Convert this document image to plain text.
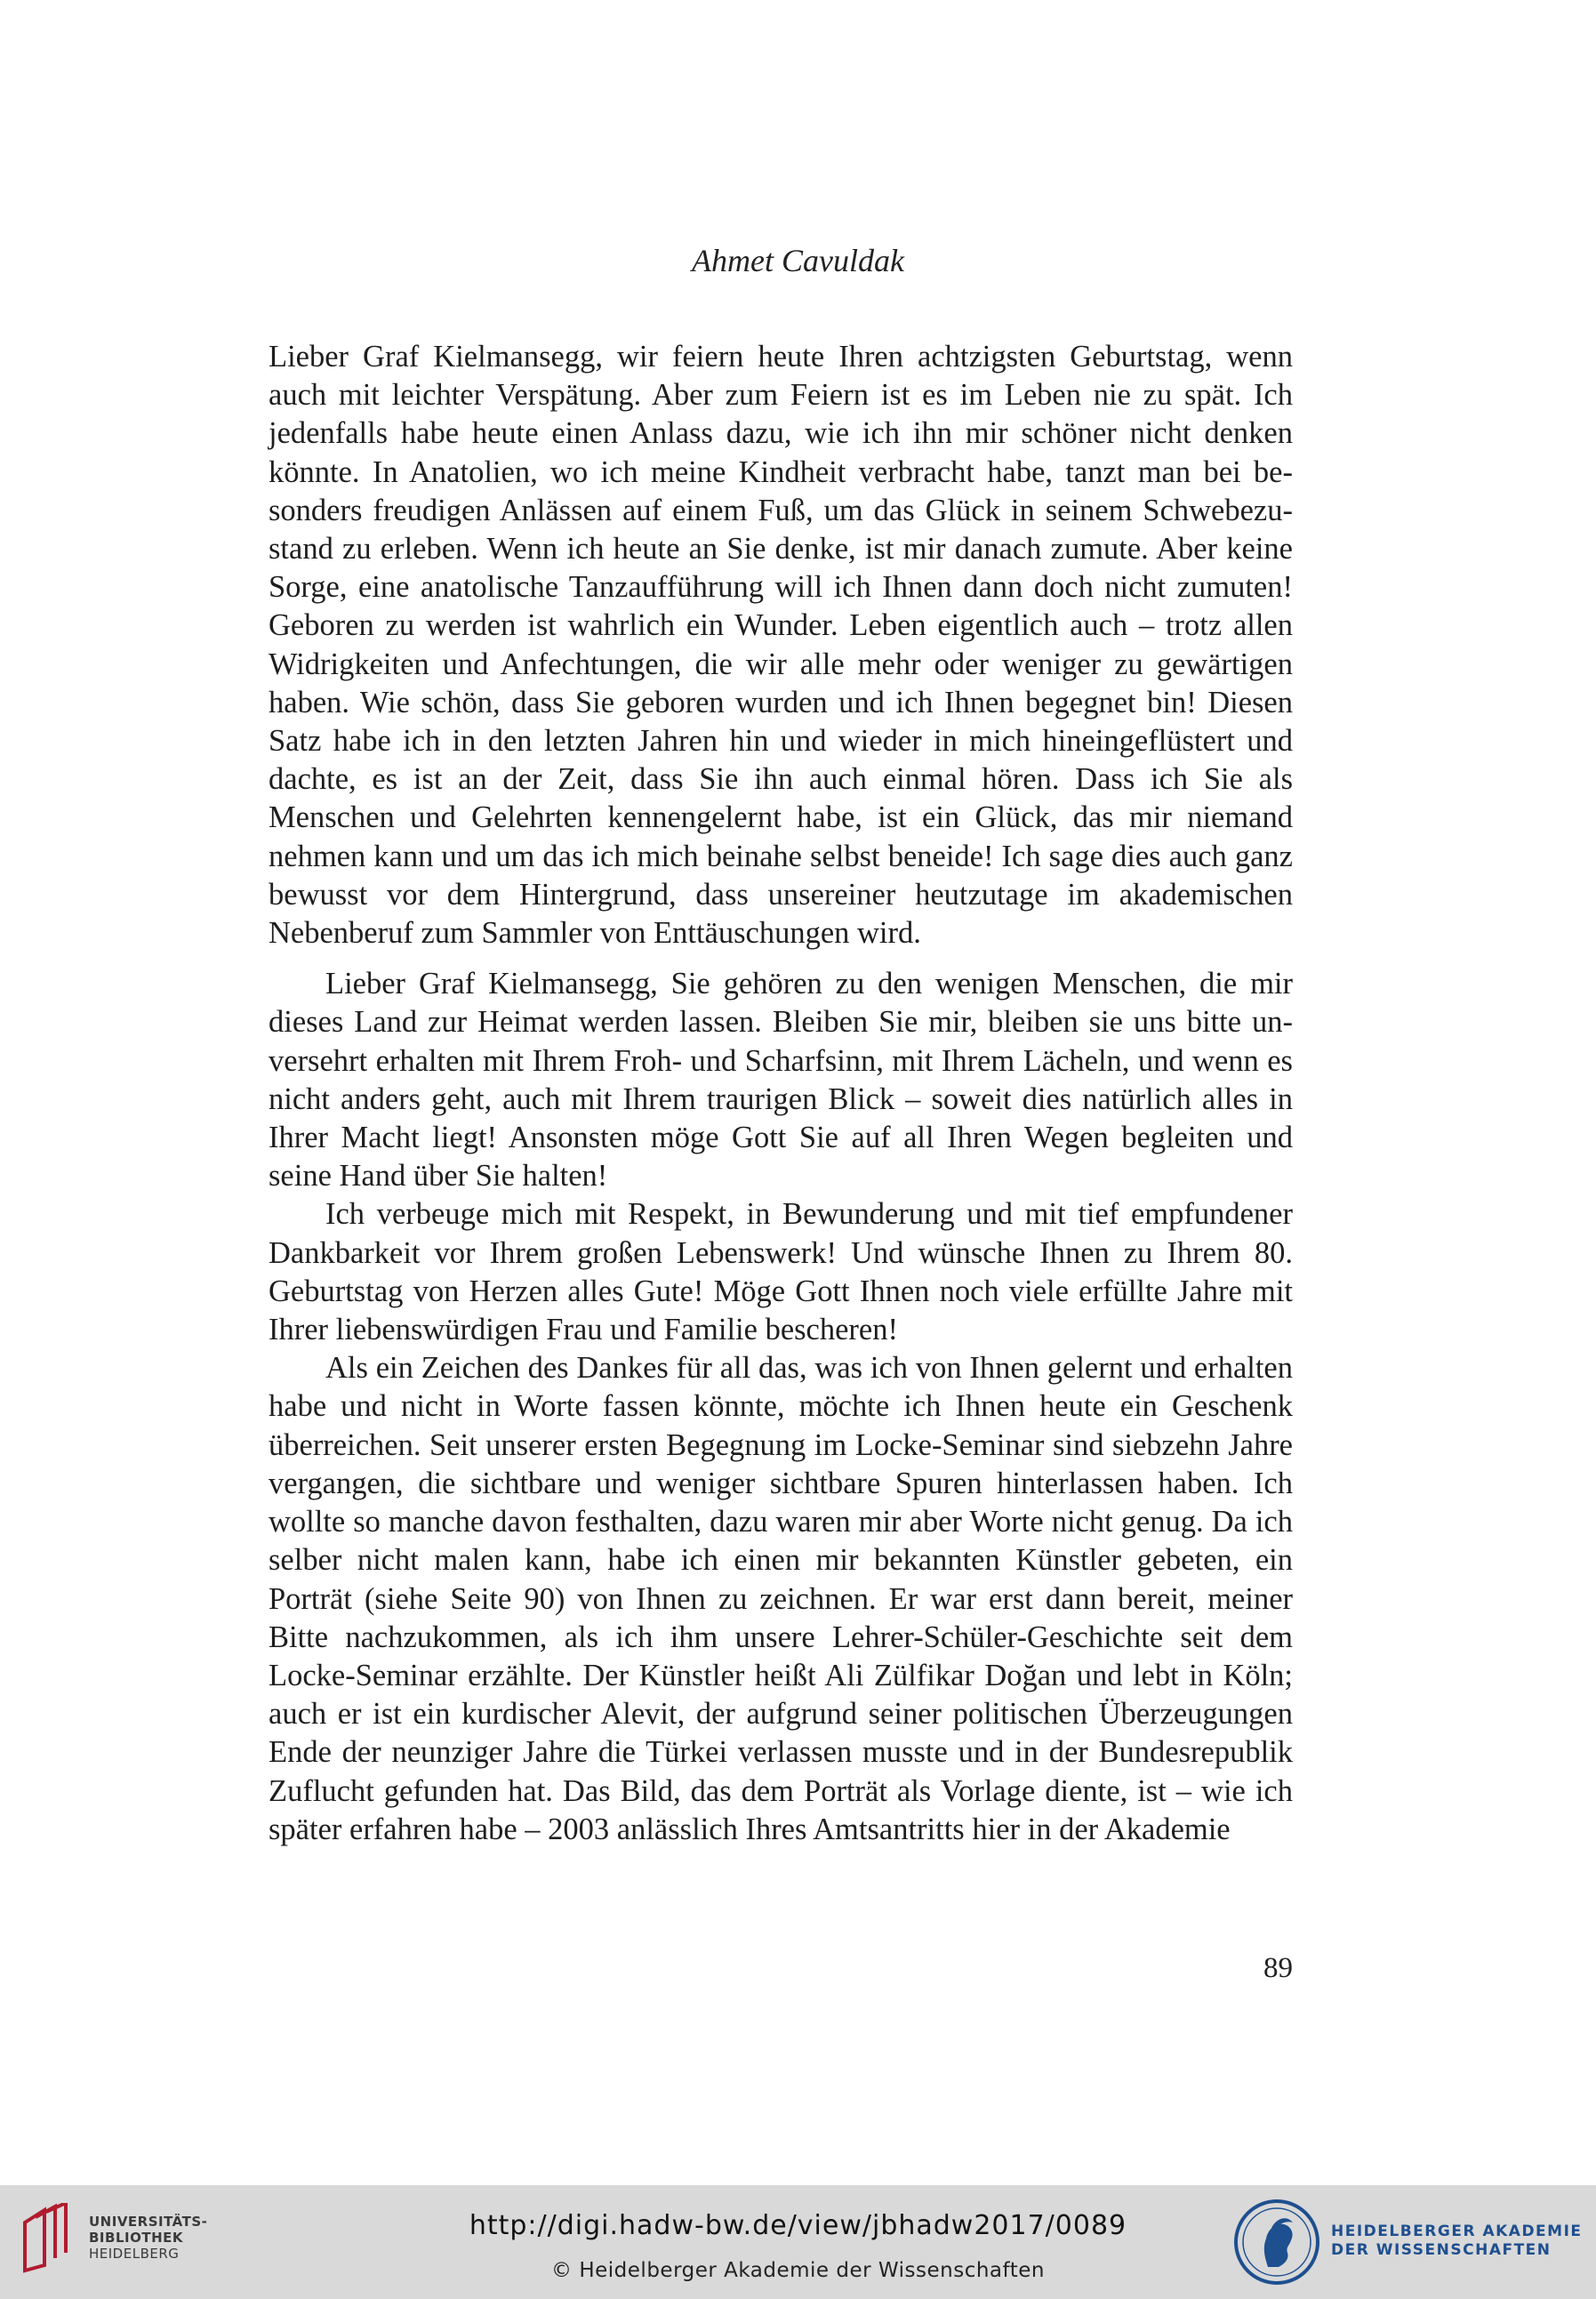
Ahmet Cavuldak

Lieber Graf Kielmansegg, wir feiern heute Ihren achtzigsten Geburtstag, wenn auch mit leichter Verspätung. Aber zum Feiern ist es im Leben nie zu spät. Ich jedenfalls habe heute einen Anlass dazu, wie ich ihn mir schöner nicht denken könnte. In Anatolien, wo ich meine Kindheit verbracht habe, tanzt man bei besonders freudigen Anlässen auf einem Fuß, um das Glück in seinem Schwebezustand zu erleben. Wenn ich heute an Sie denke, ist mir danach zumute. Aber keine Sorge, eine anatolische Tanzaufführung will ich Ihnen dann doch nicht zumuten! Geboren zu werden ist wahrlich ein Wunder. Leben eigentlich auch – trotz allen Widrigkeiten und Anfechtungen, die wir alle mehr oder weniger zu gewärtigen haben. Wie schön, dass Sie geboren wurden und ich Ihnen begegnet bin! Diesen Satz habe ich in den letzten Jahren hin und wieder in mich hineingeflüstert und dachte, es ist an der Zeit, dass Sie ihn auch einmal hören. Dass ich Sie als Menschen und Gelehrten kennengelernt habe, ist ein Glück, das mir niemand nehmen kann und um das ich mich beinahe selbst beneide! Ich sage dies auch ganz bewusst vor dem Hintergrund, dass unsereiner heutzutage im akademischen Nebenberuf zum Sammler von Enttäuschungen wird.

Lieber Graf Kielmansegg, Sie gehören zu den wenigen Menschen, die mir dieses Land zur Heimat werden lassen. Bleiben Sie mir, bleiben sie uns bitte unversehrt erhalten mit Ihrem Froh- und Scharfsinn, mit Ihrem Lächeln, und wenn es nicht anders geht, auch mit Ihrem traurigen Blick – soweit dies natürlich alles in Ihrer Macht liegt! Ansonsten möge Gott Sie auf all Ihren Wegen begleiten und seine Hand über Sie halten!

Ich verbeuge mich mit Respekt, in Bewunderung und mit tief empfundener Dankbarkeit vor Ihrem großen Lebenswerk! Und wünsche Ihnen zu Ihrem 80. Geburtstag von Herzen alles Gute! Möge Gott Ihnen noch viele erfüllte Jahre mit Ihrer liebenswürdigen Frau und Familie bescheren!

Als ein Zeichen des Dankes für all das, was ich von Ihnen gelernt und erhalten habe und nicht in Worte fassen könnte, möchte ich Ihnen heute ein Geschenk überreichen. Seit unserer ersten Begegnung im Locke-Seminar sind siebzehn Jahre vergangen, die sichtbare und weniger sichtbare Spuren hinterlassen haben. Ich wollte so manche davon festhalten, dazu waren mir aber Worte nicht genug. Da ich selber nicht malen kann, habe ich einen mir bekannten Künstler gebeten, ein Porträt (siehe Seite 90) von Ihnen zu zeichnen. Er war erst dann bereit, meiner Bitte nachzukommen, als ich ihm unsere Lehrer-Schüler-Geschichte seit dem Locke-Seminar erzählte. Der Künstler heißt Ali Zülfikar Doğan und lebt in Köln; auch er ist ein kurdischer Alevit, der aufgrund seiner politischen Überzeugungen Ende der neunziger Jahre die Türkei verlassen musste und in der Bundesrepublik Zuflucht gefunden hat. Das Bild, das dem Porträt als Vorlage diente, ist – wie ich später erfahren habe – 2003 anlässlich Ihres Amtsantritts hier in der Akademie

89
UNIVERSITÄTS-
BIBLIOTHEK
HEIDELBERG
http://digi.hadw-bw.de/view/jbhadw2017/0089
© Heidelberger Akademie der Wissenschaften
HEIDELBERGER AKADEMIE
DER WISSENSCHAFTEN
